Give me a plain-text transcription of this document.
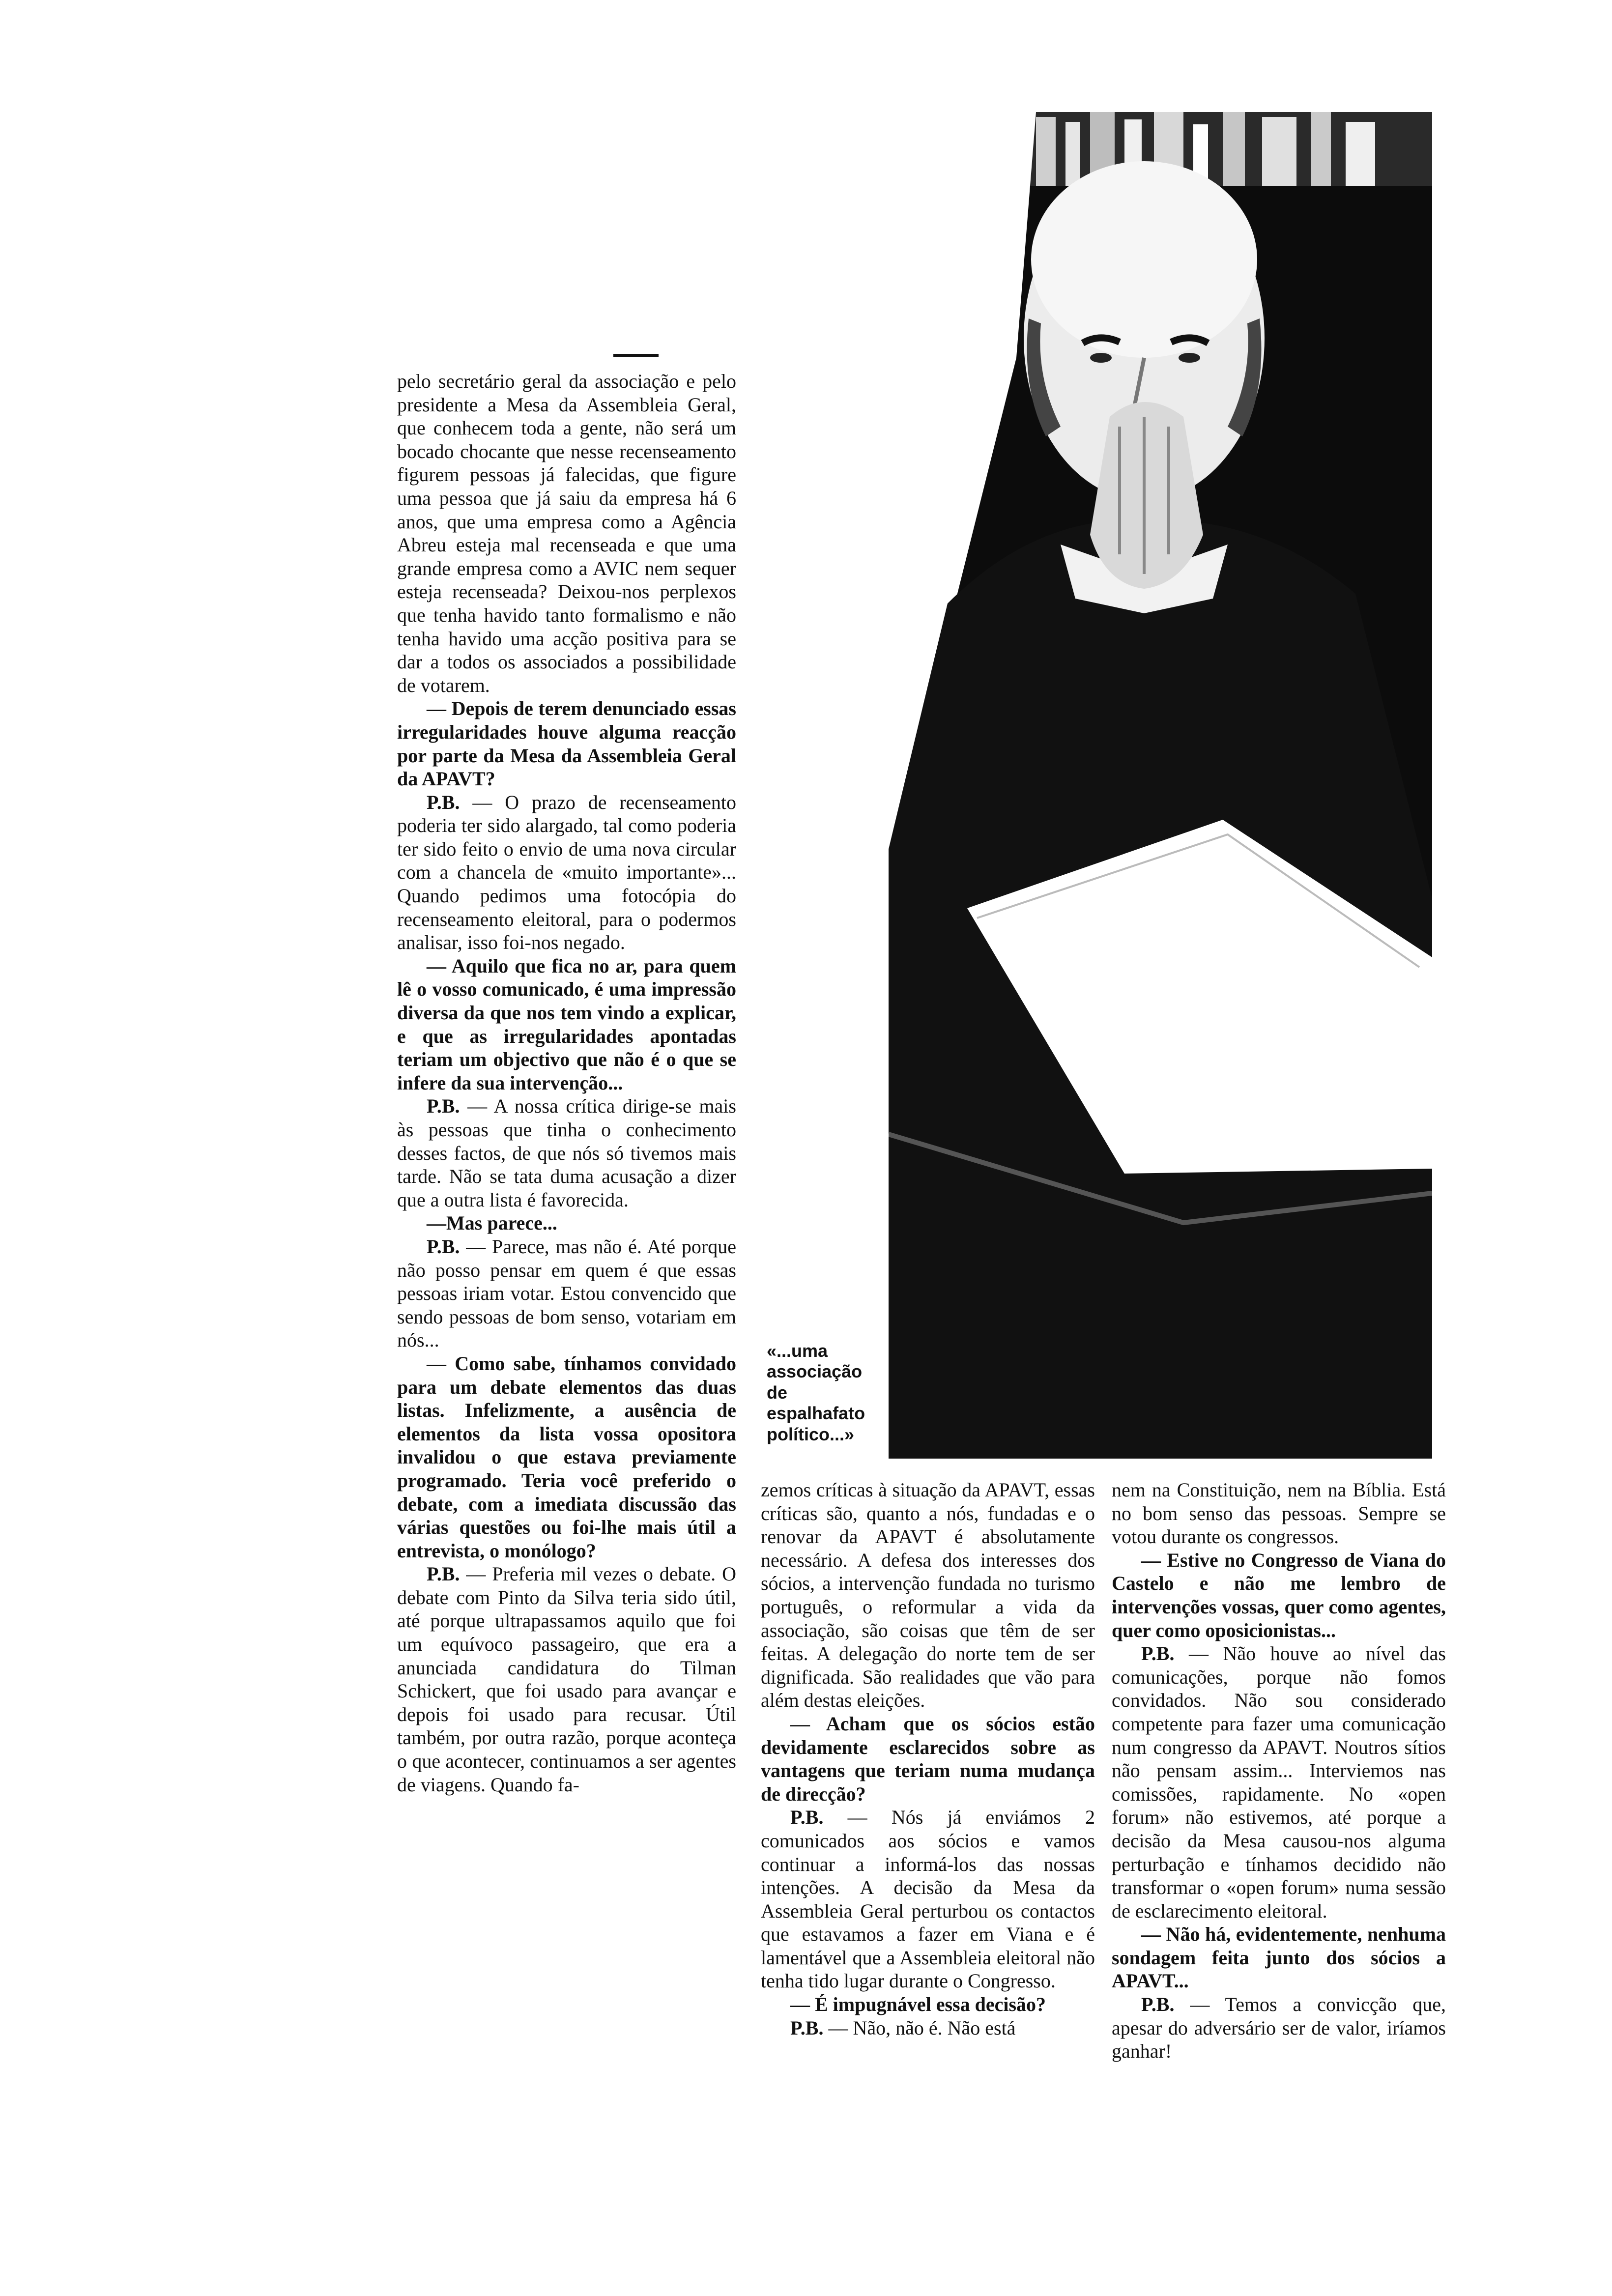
pelo secretário geral da associação e pelo presidente a Mesa da Assembleia Geral, que conhecem toda a gente, não será um bocado chocante que nesse recenseamento figurem pessoas já falecidas, que figure uma pessoa que já saiu da empresa há 6 anos, que uma empresa como a Agência Abreu esteja mal recenseada e que uma grande empresa como a AVIC nem sequer esteja recenseada? Deixou-nos perplexos que tenha havido tanto formalismo e não tenha havido uma acção positiva para se dar a todos os associados a possibilidade de votarem.

— Depois de terem denunciado essas irregularidades houve alguma reacção por parte da Mesa da Assembleia Geral da APAVT?

P.B. — O prazo de recenseamento poderia ter sido alargado, tal como poderia ter sido feito o envio de uma nova circular com a chancela de «muito importante»... Quando pedimos uma fotocópia do recenseamento eleitoral, para o podermos analisar, isso foi-nos negado.

— Aquilo que fica no ar, para quem lê o vosso comunicado, é uma impressão diversa da que nos tem vindo a explicar, e que as irregularidades apontadas teriam um objectivo que não é o que se infere da sua intervenção...

P.B. — A nossa crítica dirige-se mais às pessoas que tinha o conhecimento desses factos, de que nós só tivemos mais tarde. Não se tata duma acusação a dizer que a outra lista é favorecida.

—Mas parece...

P.B. — Parece, mas não é. Até porque não posso pensar em quem é que essas pessoas iriam votar. Estou convencido que sendo pessoas de bom senso, votariam em nós...

— Como sabe, tínhamos convidado para um debate elementos das duas listas. Infelizmente, a ausência de elementos da lista vossa opositora invalidou o que estava previamente programado. Teria você preferido o debate, com a imediata discussão das várias questões ou foi-lhe mais útil a entrevista, o monólogo?

P.B. — Preferia mil vezes o debate. O debate com Pinto da Silva teria sido útil, até porque ultrapassamos aquilo que foi um equívoco passageiro, que era a anunciada candidatura do Tilman Schickert, que foi usado para avançar e depois foi usado para recusar. Útil também, por outra razão, porque aconteça o que acontecer, continuamos a ser agentes de viagens. Quando fa-

«...uma associação de espalhafato político...»

zemos críticas à situação da APAVT, essas críticas são, quanto a nós, fundadas e o renovar da APAVT é absolutamente necessário. A defesa dos interesses dos sócios, a intervenção fundada no turismo português, o reformular a vida da associação, são coisas que têm de ser feitas. A delegação do norte tem de ser dignificada. São realidades que vão para além destas eleições.

— Acham que os sócios estão devidamente esclarecidos sobre as vantagens que teriam numa mudança de direcção?

P.B. — Nós já enviámos 2 comunicados aos sócios e vamos continuar a informá-los das nossas intenções. A decisão da Mesa da Assembleia Geral perturbou os contactos que estavamos a fazer em Viana e é lamentável que a Assembleia eleitoral não tenha tido lugar durante o Congresso.

— É impugnável essa decisão?

P.B. — Não, não é. Não está

nem na Constituição, nem na Bíblia. Está no bom senso das pessoas. Sempre se votou durante os congressos.

— Estive no Congresso de Viana do Castelo e não me lembro de intervenções vossas, quer como agentes, quer como oposicionistas...

P.B. — Não houve ao nível das comunicações, porque não fomos convidados. Não sou considerado competente para fazer uma comunicação num congresso da APAVT. Noutros sítios não pensam assim... Interviemos nas comissões, rapidamente. No «open forum» não estivemos, até porque a decisão da Mesa causou-nos alguma perturbação e tínhamos decidido não transformar o «open forum» numa sessão de esclarecimento eleitoral.

— Não há, evidentemente, nenhuma sondagem feita junto dos sócios a APAVT...

P.B. — Temos a convicção que, apesar do adversário ser de valor, iríamos ganhar!
